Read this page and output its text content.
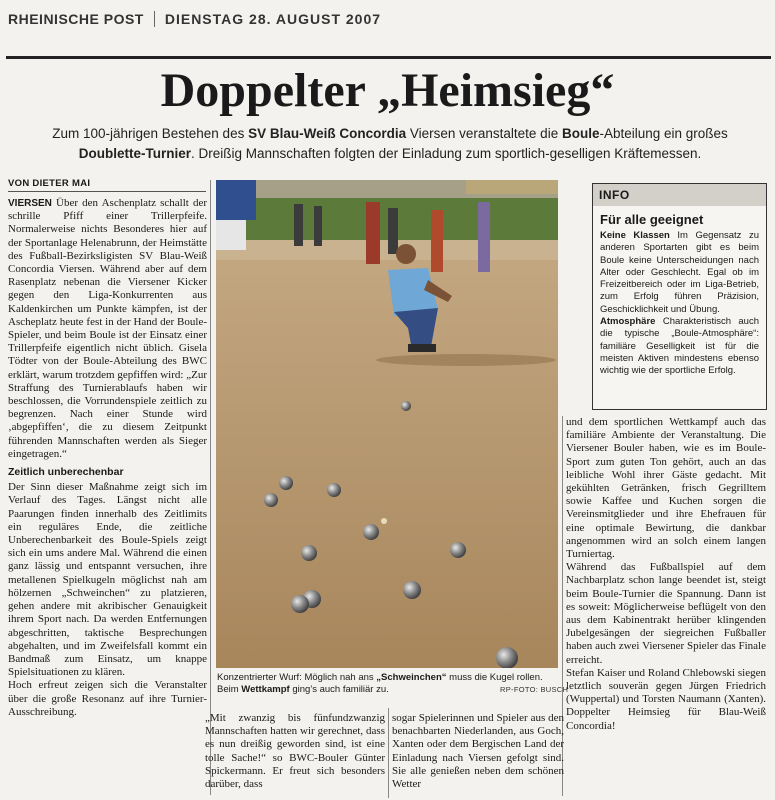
RHEINISCHE POST DIENSTAG 28. AUGUST 2007
Doppelter „Heimsieg“
Zum 100-jährigen Bestehen des SV Blau-Weiß Concordia Viersen veranstaltete die Boule-Abteilung ein großes Doublette-Turnier. Dreißig Mannschaften folgten der Einladung zum sportlich-geselligen Kräftemessen.
VON DIETER MAI

VIERSEN Über den Aschenplatz schallt der schrille Pfiff einer Trillerpfeife. Normalerweise nichts Besonderes hier auf der Sportanlage Helenabrunn, der Heimstätte des Fußball-Bezirksligisten SV Blau-Weiß Concordia Viersen. Während aber auf dem Rasenplatz nebenan die Viersener Kicker gegen den Liga-Konkurrenten aus Kaldenkirchen um Punkte kämpfen, ist der Ascheplatz heute fest in der Hand der Boule-Spieler, und beim Boule ist der Einsatz einer Trillerpfeife eigentlich nicht üblich. Gisela Tödter von der Boule-Abteilung des BWC erklärt, warum trotzdem gepfiffen wird: „Zur Straffung des Turnierablaufs haben wir beschlossen, die Vorrundenspiele zeitlich zu begrenzen. Nach einer Stunde wird ‚abgepfiffen‘, die zu diesem Zeitpunkt führenden Mannschaften werden als Sieger eingetragen.“

Zeitlich unberechenbar

Der Sinn dieser Maßnahme zeigt sich im Verlauf des Tages. Längst nicht alle Paarungen finden innerhalb des Zeitlimits ein reguläres Ende, die zeitliche Unberechenbarkeit des Boule-Spiels zeigt sich ein ums andere Mal. Während die einen ganz lässig und entspannt versuchen, ihre metallenen Spielkugeln möglichst nah am hölzernen „Schweinchen“ zu platzieren, gehen andere mit akribischer Genauigkeit ihrem Sport nach. Da werden Entfernungen abgeschritten, taktische Besprechungen abgehalten, und im Zweifelsfall kommt ein Bandmaß zum Einsatz, um knappe Spielsituationen zu klären.

Hoch erfreut zeigen sich die Veranstalter über die große Resonanz auf ihre Turnier-Ausschreibung.

Konzentrierter Wurf: Möglich nah ans „Schweinchen“ muss die Kugel rollen. Beim Wettkampf ging’s auch familiär zu.	RP-FOTO: BUSCH
INFO
Für alle geeignet

Keine Klassen Im Gegensatz zu anderen Sportarten gibt es beim Boule keine Unterscheidungen nach Alter oder Geschlecht. Egal ob im Freizeitbereich oder im Liga-Betrieb, zum Erfolg führen Präzision, Geschicklichkeit und Übung.

Atmosphäre Charakteristisch auch die typische „Boule-Atmosphäre“: familiäre Geselligkeit ist für die meisten Aktiven mindestens ebenso wichtig wie der sportliche Erfolg.

„Mit zwanzig bis fünfundzwanzig Mannschaften hatten wir gerechnet, dass es nun dreißig geworden sind, ist eine tolle Sache!“ so BWC-Bouler Günter Spickermann. Er freut sich besonders darüber, dass

sogar Spielerinnen und Spieler aus den benachbarten Niederlanden, aus Goch, Xanten oder dem Bergischen Land der Einladung nach Viersen gefolgt sind. Sie alle genießen neben dem schönen Wetter

und dem sportlichen Wettkampf auch das familiäre Ambiente der Veranstaltung. Die Viersener Bouler haben, wie es im Boule-Sport zum guten Ton gehört, auch an das leibliche Wohl ihrer Gäste gedacht. Mit gekühlten Getränken, frisch Gegrilltem sowie Kaffee und Kuchen sorgen die Vereinsmitglieder und ihre Ehefrauen für eine optimale Bewirtung, die dankbar angenommen wird an solch einem langen Turniertag.

Während das Fußballspiel auf dem Nachbarplatz schon lange beendet ist, steigt beim Boule-Turnier die Spannung. Dann ist es soweit: Möglicherweise beflügelt von den aus dem Kabinentrakt herüber klingenden Jubelgesängen der siegreichen Fußballer haben auch zwei Viersener Spieler das Finale erreicht.

Stefan Kaiser und Roland Chlebowski siegen letztlich souverän gegen Jürgen Friedrich (Wuppertal) und Torsten Naumann (Xanten). Doppelter Heimsieg für Blau-Weiß Concordia!
